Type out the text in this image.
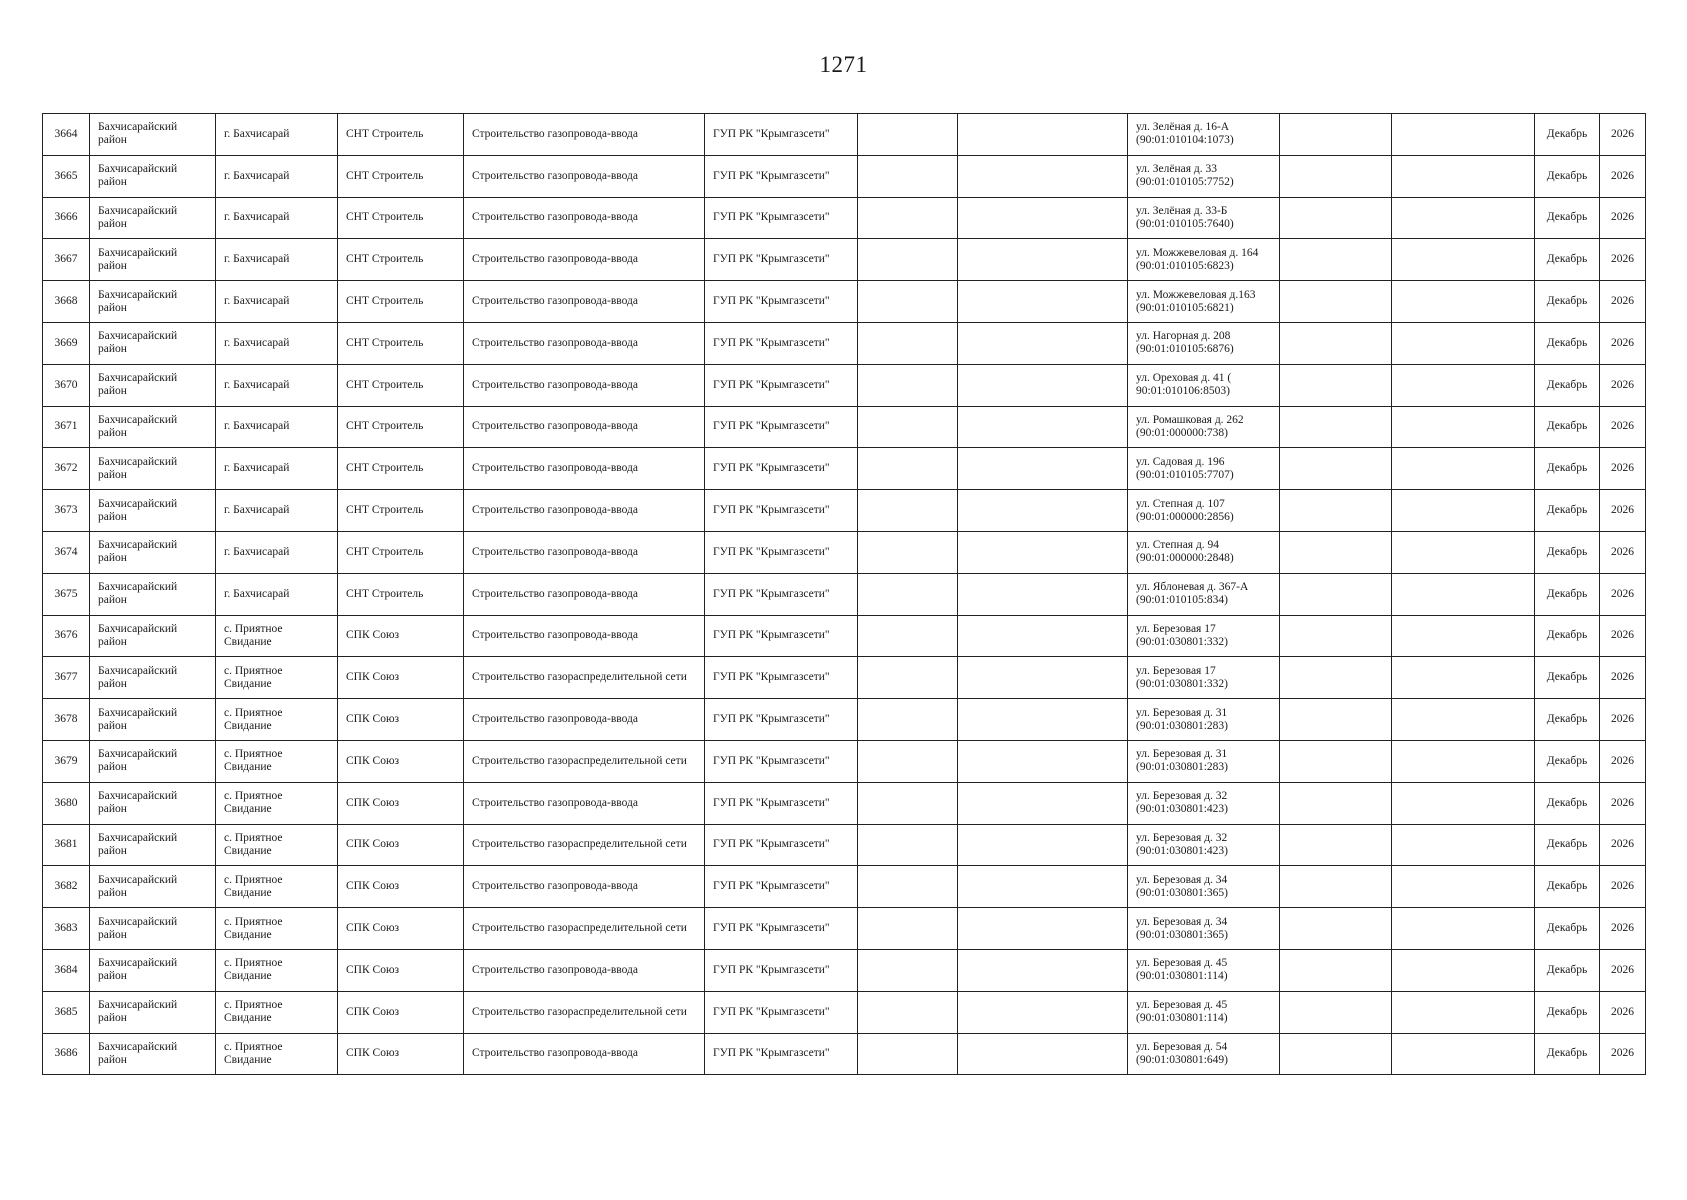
1271
3664	Бахчисарайский район	г. Бахчисарай	СНТ Строитель	Строительство газопровода-ввода	ГУП РК "Крымгазсети"			ул. Зелёная д. 16-А (90:01:010104:1073)			Декабрь	2026
3665	Бахчисарайский район	г. Бахчисарай	СНТ Строитель	Строительство газопровода-ввода	ГУП РК "Крымгазсети"			ул. Зелёная д. 33 (90:01:010105:7752)			Декабрь	2026
3666	Бахчисарайский район	г. Бахчисарай	СНТ Строитель	Строительство газопровода-ввода	ГУП РК "Крымгазсети"			ул. Зелёная д. 33-Б (90:01:010105:7640)			Декабрь	2026
3667	Бахчисарайский район	г. Бахчисарай	СНТ Строитель	Строительство газопровода-ввода	ГУП РК "Крымгазсети"			ул. Можжевеловая д. 164 (90:01:010105:6823)			Декабрь	2026
3668	Бахчисарайский район	г. Бахчисарай	СНТ Строитель	Строительство газопровода-ввода	ГУП РК "Крымгазсети"			ул. Можжевеловая д.163 (90:01:010105:6821)			Декабрь	2026
3669	Бахчисарайский район	г. Бахчисарай	СНТ Строитель	Строительство газопровода-ввода	ГУП РК "Крымгазсети"			ул. Нагорная д. 208 (90:01:010105:6876)			Декабрь	2026
3670	Бахчисарайский район	г. Бахчисарай	СНТ Строитель	Строительство газопровода-ввода	ГУП РК "Крымгазсети"			ул. Ореховая д. 41 ( 90:01:010106:8503)			Декабрь	2026
3671	Бахчисарайский район	г. Бахчисарай	СНТ Строитель	Строительство газопровода-ввода	ГУП РК "Крымгазсети"			ул. Ромашковая д. 262 (90:01:000000:738)			Декабрь	2026
3672	Бахчисарайский район	г. Бахчисарай	СНТ Строитель	Строительство газопровода-ввода	ГУП РК "Крымгазсети"			ул. Садовая д. 196 (90:01:010105:7707)			Декабрь	2026
3673	Бахчисарайский район	г. Бахчисарай	СНТ Строитель	Строительство газопровода-ввода	ГУП РК "Крымгазсети"			ул. Степная д. 107 (90:01:000000:2856)			Декабрь	2026
3674	Бахчисарайский район	г. Бахчисарай	СНТ Строитель	Строительство газопровода-ввода	ГУП РК "Крымгазсети"			ул. Степная д. 94 (90:01:000000:2848)			Декабрь	2026
3675	Бахчисарайский район	г. Бахчисарай	СНТ Строитель	Строительство газопровода-ввода	ГУП РК "Крымгазсети"			ул. Яблоневая д. 367-А (90:01:010105:834)			Декабрь	2026
3676	Бахчисарайский район	с. Приятное Свидание	СПК Союз	Строительство газопровода-ввода	ГУП РК "Крымгазсети"			ул. Березовая 17 (90:01:030801:332)			Декабрь	2026
3677	Бахчисарайский район	с. Приятное Свидание	СПК Союз	Строительство газораспределительной сети	ГУП РК "Крымгазсети"			ул. Березовая 17 (90:01:030801:332)			Декабрь	2026
3678	Бахчисарайский район	с. Приятное Свидание	СПК Союз	Строительство газопровода-ввода	ГУП РК "Крымгазсети"			ул. Березовая д. 31 (90:01:030801:283)			Декабрь	2026
3679	Бахчисарайский район	с. Приятное Свидание	СПК Союз	Строительство газораспределительной сети	ГУП РК "Крымгазсети"			ул. Березовая д. 31 (90:01:030801:283)			Декабрь	2026
3680	Бахчисарайский район	с. Приятное Свидание	СПК Союз	Строительство газопровода-ввода	ГУП РК "Крымгазсети"			ул. Березовая д. 32 (90:01:030801:423)			Декабрь	2026
3681	Бахчисарайский район	с. Приятное Свидание	СПК Союз	Строительство газораспределительной сети	ГУП РК "Крымгазсети"			ул. Березовая д. 32 (90:01:030801:423)			Декабрь	2026
3682	Бахчисарайский район	с. Приятное Свидание	СПК Союз	Строительство газопровода-ввода	ГУП РК "Крымгазсети"			ул. Березовая д. 34 (90:01:030801:365)			Декабрь	2026
3683	Бахчисарайский район	с. Приятное Свидание	СПК Союз	Строительство газораспределительной сети	ГУП РК "Крымгазсети"			ул. Березовая д. 34 (90:01:030801:365)			Декабрь	2026
3684	Бахчисарайский район	с. Приятное Свидание	СПК Союз	Строительство газопровода-ввода	ГУП РК "Крымгазсети"			ул. Березовая д. 45 (90:01:030801:114)			Декабрь	2026
3685	Бахчисарайский район	с. Приятное Свидание	СПК Союз	Строительство газораспределительной сети	ГУП РК "Крымгазсети"			ул. Березовая д. 45 (90:01:030801:114)			Декабрь	2026
3686	Бахчисарайский район	с. Приятное Свидание	СПК Союз	Строительство газопровода-ввода	ГУП РК "Крымгазсети"			ул. Березовая д. 54 (90:01:030801:649)			Декабрь	2026
